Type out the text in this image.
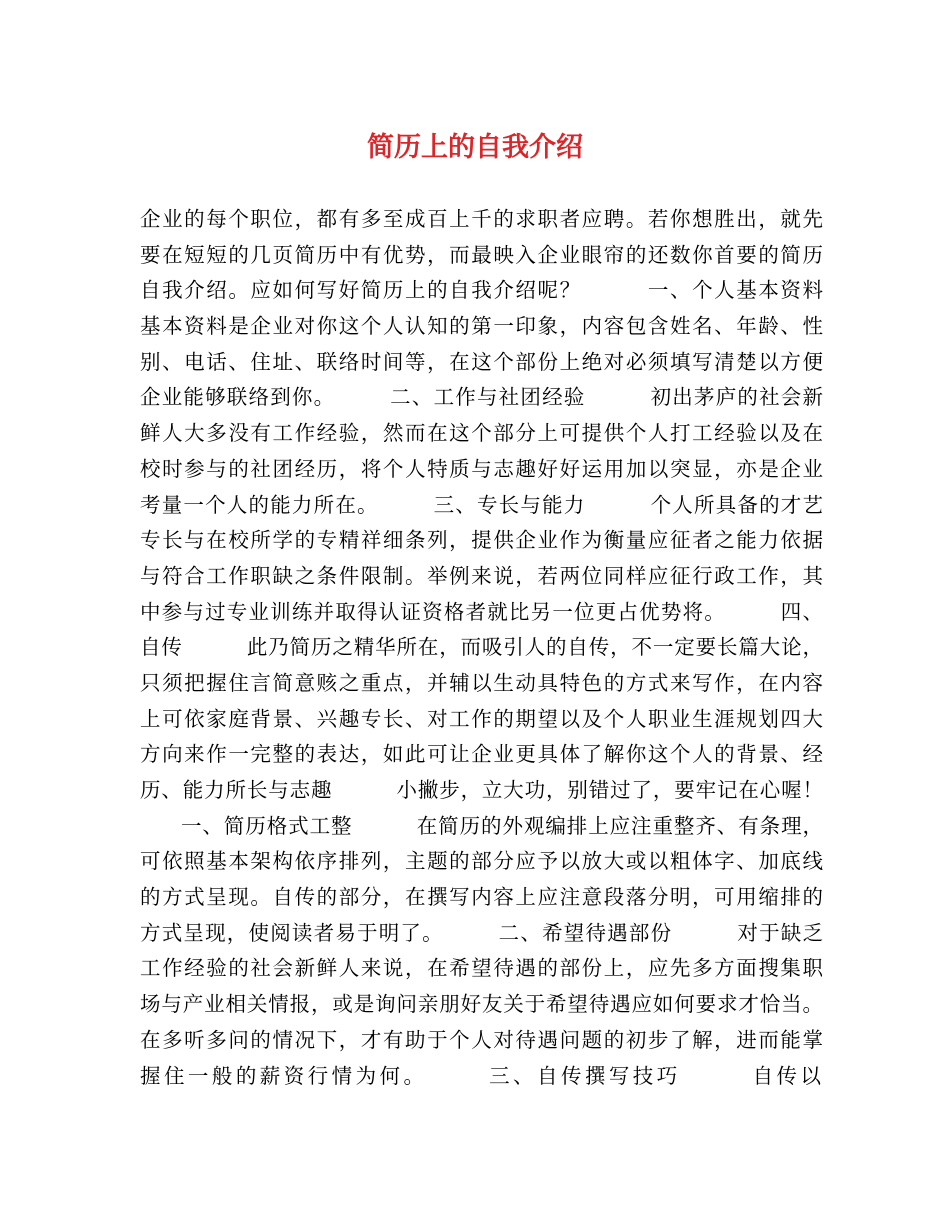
简历上的自我介绍
企业的每个职位，都有多至成百上千的求职者应聘。若你想胜出，就先
要在短短的几页简历中有优势，而最映入企业眼帘的还数你首要的简历
自我介绍。应如何写好简历上的自我介绍呢？　　　一、个人基本资料
基本资料是企业对你这个人认知的第一印象，内容包含姓名、年龄、性
别、电话、住址、联络时间等，在这个部份上绝对必须填写清楚以方便
企业能够联络到你。　　　二、工作与社团经验　　　初出茅庐的社会新
鲜人大多没有工作经验，然而在这个部分上可提供个人打工经验以及在
校时参与的社团经历，将个人特质与志趣好好运用加以突显，亦是企业
考量一个人的能力所在。　　　三、专长与能力　　　个人所具备的才艺
专长与在校所学的专精祥细条列，提供企业作为衡量应征者之能力依据
与符合工作职缺之条件限制。举例来说，若两位同样应征行政工作，其
中参与过专业训练并取得认证资格者就比另一位更占优势将。　　　四、
自传　　　此乃简历之精华所在，而吸引人的自传，不一定要长篇大论，
只须把握住言简意赅之重点，并辅以生动具特色的方式来写作，在内容
上可依家庭背景、兴趣专长、对工作的期望以及个人职业生涯规划四大
方向来作一完整的表达，如此可让企业更具体了解你这个人的背景、经
历、能力所长与志趣　　　小撇步，立大功，别错过了，要牢记在心喔！
一、简历格式工整　　　在简历的外观编排上应注重整齐、有条理，
可依照基本架构依序排列，主题的部分应予以放大或以粗体字、加底线
的方式呈现。自传的部分，在撰写内容上应注意段落分明，可用缩排的
方式呈现，使阅读者易于明了。　　　二、希望待遇部份　　　对于缺乏
工作经验的社会新鲜人来说，在希望待遇的部份上，应先多方面搜集职
场与产业相关情报，或是询问亲朋好友关于希望待遇应如何要求才恰当。
在多听多问的情况下，才有助于个人对待遇问题的初步了解，进而能掌
握住一般的薪资行情为何。　　　三、自传撰写技巧　　　自传以
